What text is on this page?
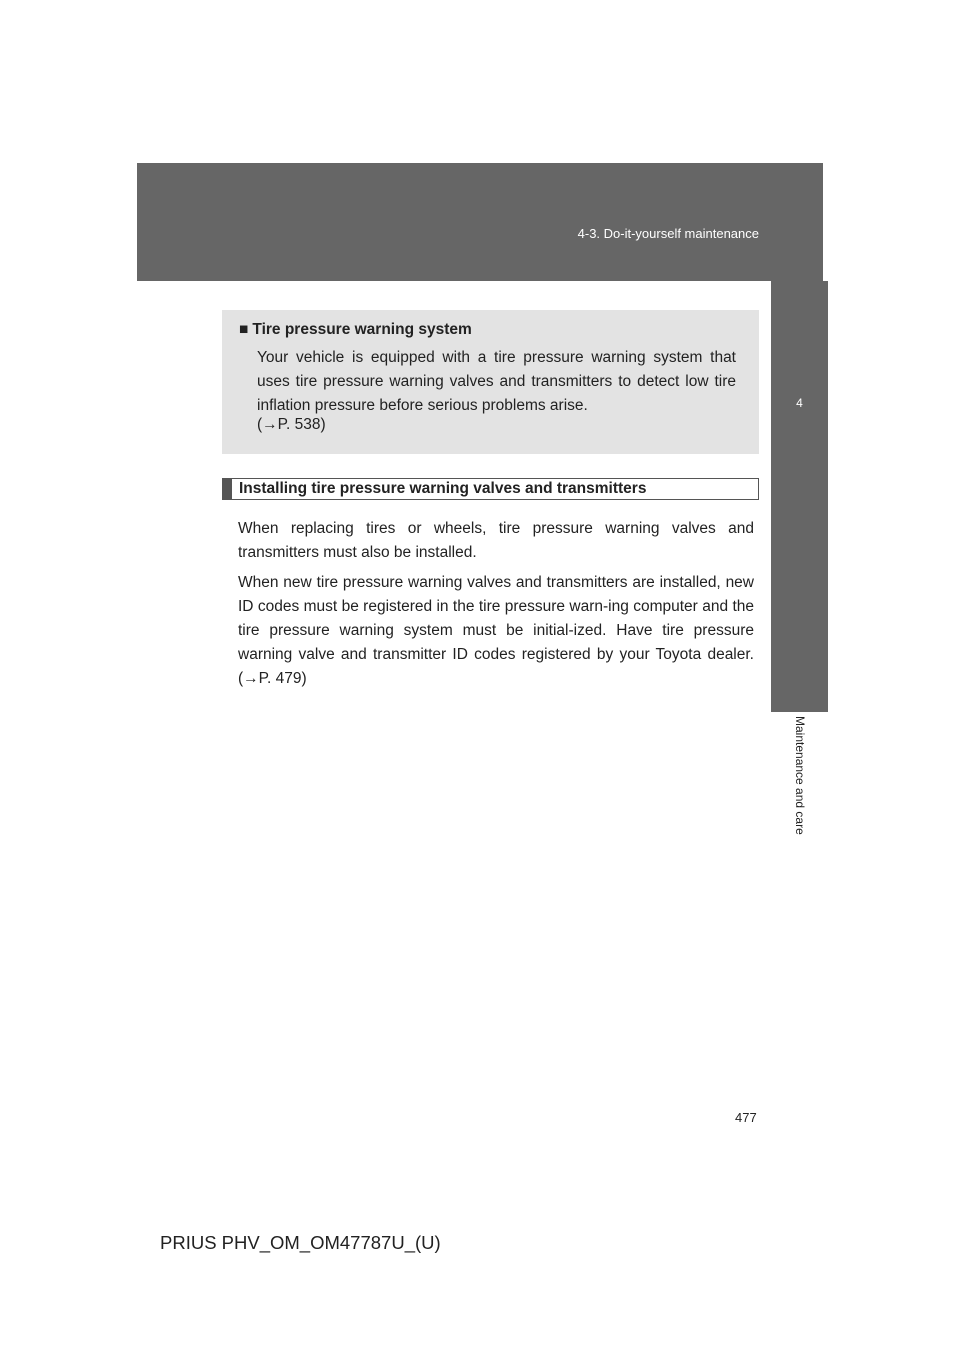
4-3. Do-it-yourself maintenance
4
Maintenance and care
■ Tire pressure warning system
Your vehicle is equipped with a tire pressure warning system that uses tire pressure warning valves and transmitters to detect low tire inflation pressure before serious problems arise.
(→P. 538)
Installing tire pressure warning valves and transmitters
When replacing tires or wheels, tire pressure warning valves and transmitters must also be installed.
When new tire pressure warning valves and transmitters are installed, new ID codes must be registered in the tire pressure warn-ing computer and the tire pressure warning system must be initial-ized. Have tire pressure warning valve and transmitter ID codes registered by your Toyota dealer. (→P. 479)
477
PRIUS PHV_OM_OM47787U_(U)
